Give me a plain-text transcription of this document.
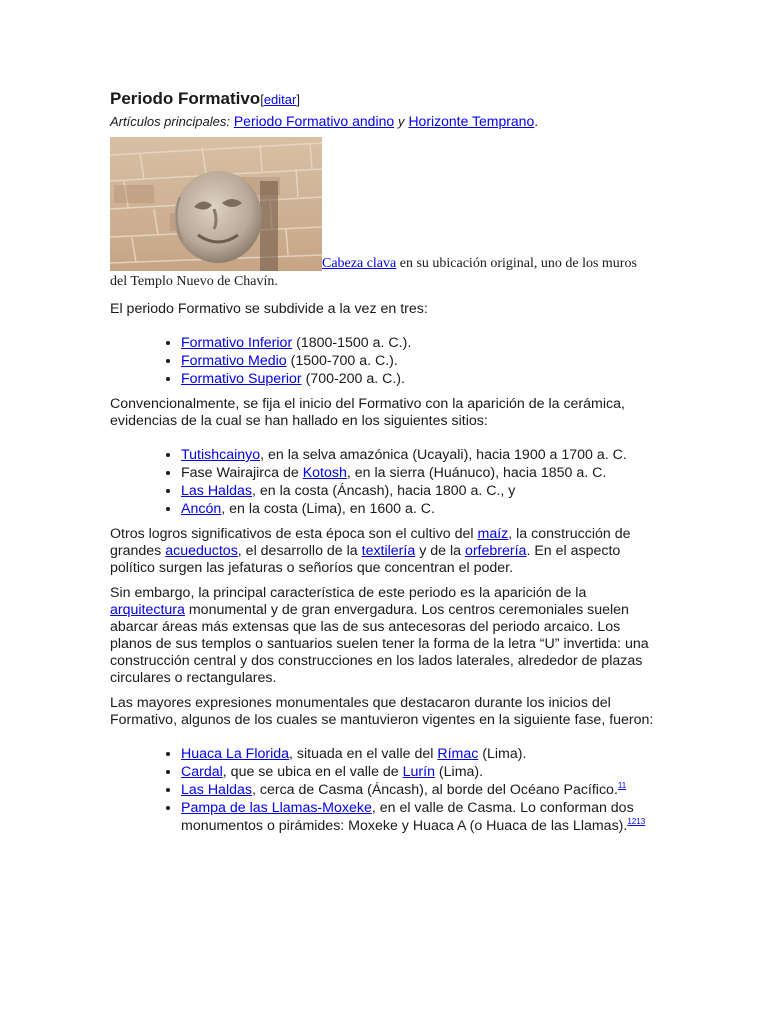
Periodo Formativo[editar]
Artículos principales: Periodo Formativo andino y Horizonte Temprano.
Cabeza clava en su ubicación original, uno de los muros del Templo Nuevo de Chavín.

El periodo Formativo se subdivide a la vez en tres:

• Formativo Inferior (1800-1500 a. C.).
• Formativo Medio (1500-700 a. C.).
• Formativo Superior (700-200 a. C.).

Convencionalmente, se fija el inicio del Formativo con la aparición de la cerámica, evidencias de la cual se han hallado en los siguientes sitios:

• Tutishcainyo, en la selva amazónica (Ucayali), hacia 1900 a 1700 a. C.
• Fase Wairajirca de Kotosh, en la sierra (Huánuco), hacia 1850 a. C.
• Las Haldas, en la costa (Áncash), hacia 1800 a. C., y
• Ancón, en la costa (Lima), en 1600 a. C.

Otros logros significativos de esta época son el cultivo del maíz, la construcción de grandes acueductos, el desarrollo de la textilería y de la orfebrería. En el aspecto político surgen las jefaturas o señoríos que concentran el poder.

Sin embargo, la principal característica de este periodo es la aparición de la arquitectura monumental y de gran envergadura. Los centros ceremoniales suelen abarcar áreas más extensas que las de sus antecesoras del periodo arcaico. Los planos de sus templos o santuarios suelen tener la forma de la letra “U” invertida: una construcción central y dos construcciones en los lados laterales, alrededor de plazas circulares o rectangulares.

Las mayores expresiones monumentales que destacaron durante los inicios del Formativo, algunos de los cuales se mantuvieron vigentes en la siguiente fase, fueron:

• Huaca La Florida, situada en el valle del Rímac (Lima).
• Cardal, que se ubica en el valle de Lurín (Lima).
• Las Haldas, cerca de Casma (Áncash), al borde del Océano Pacífico.$^{11}$
• Pampa de las Llamas-Moxeke, en el valle de Casma. Lo conforman dos monumentos o pirámides: Moxeke y Huaca A (o Huaca de las Llamas).$^{1213}$
